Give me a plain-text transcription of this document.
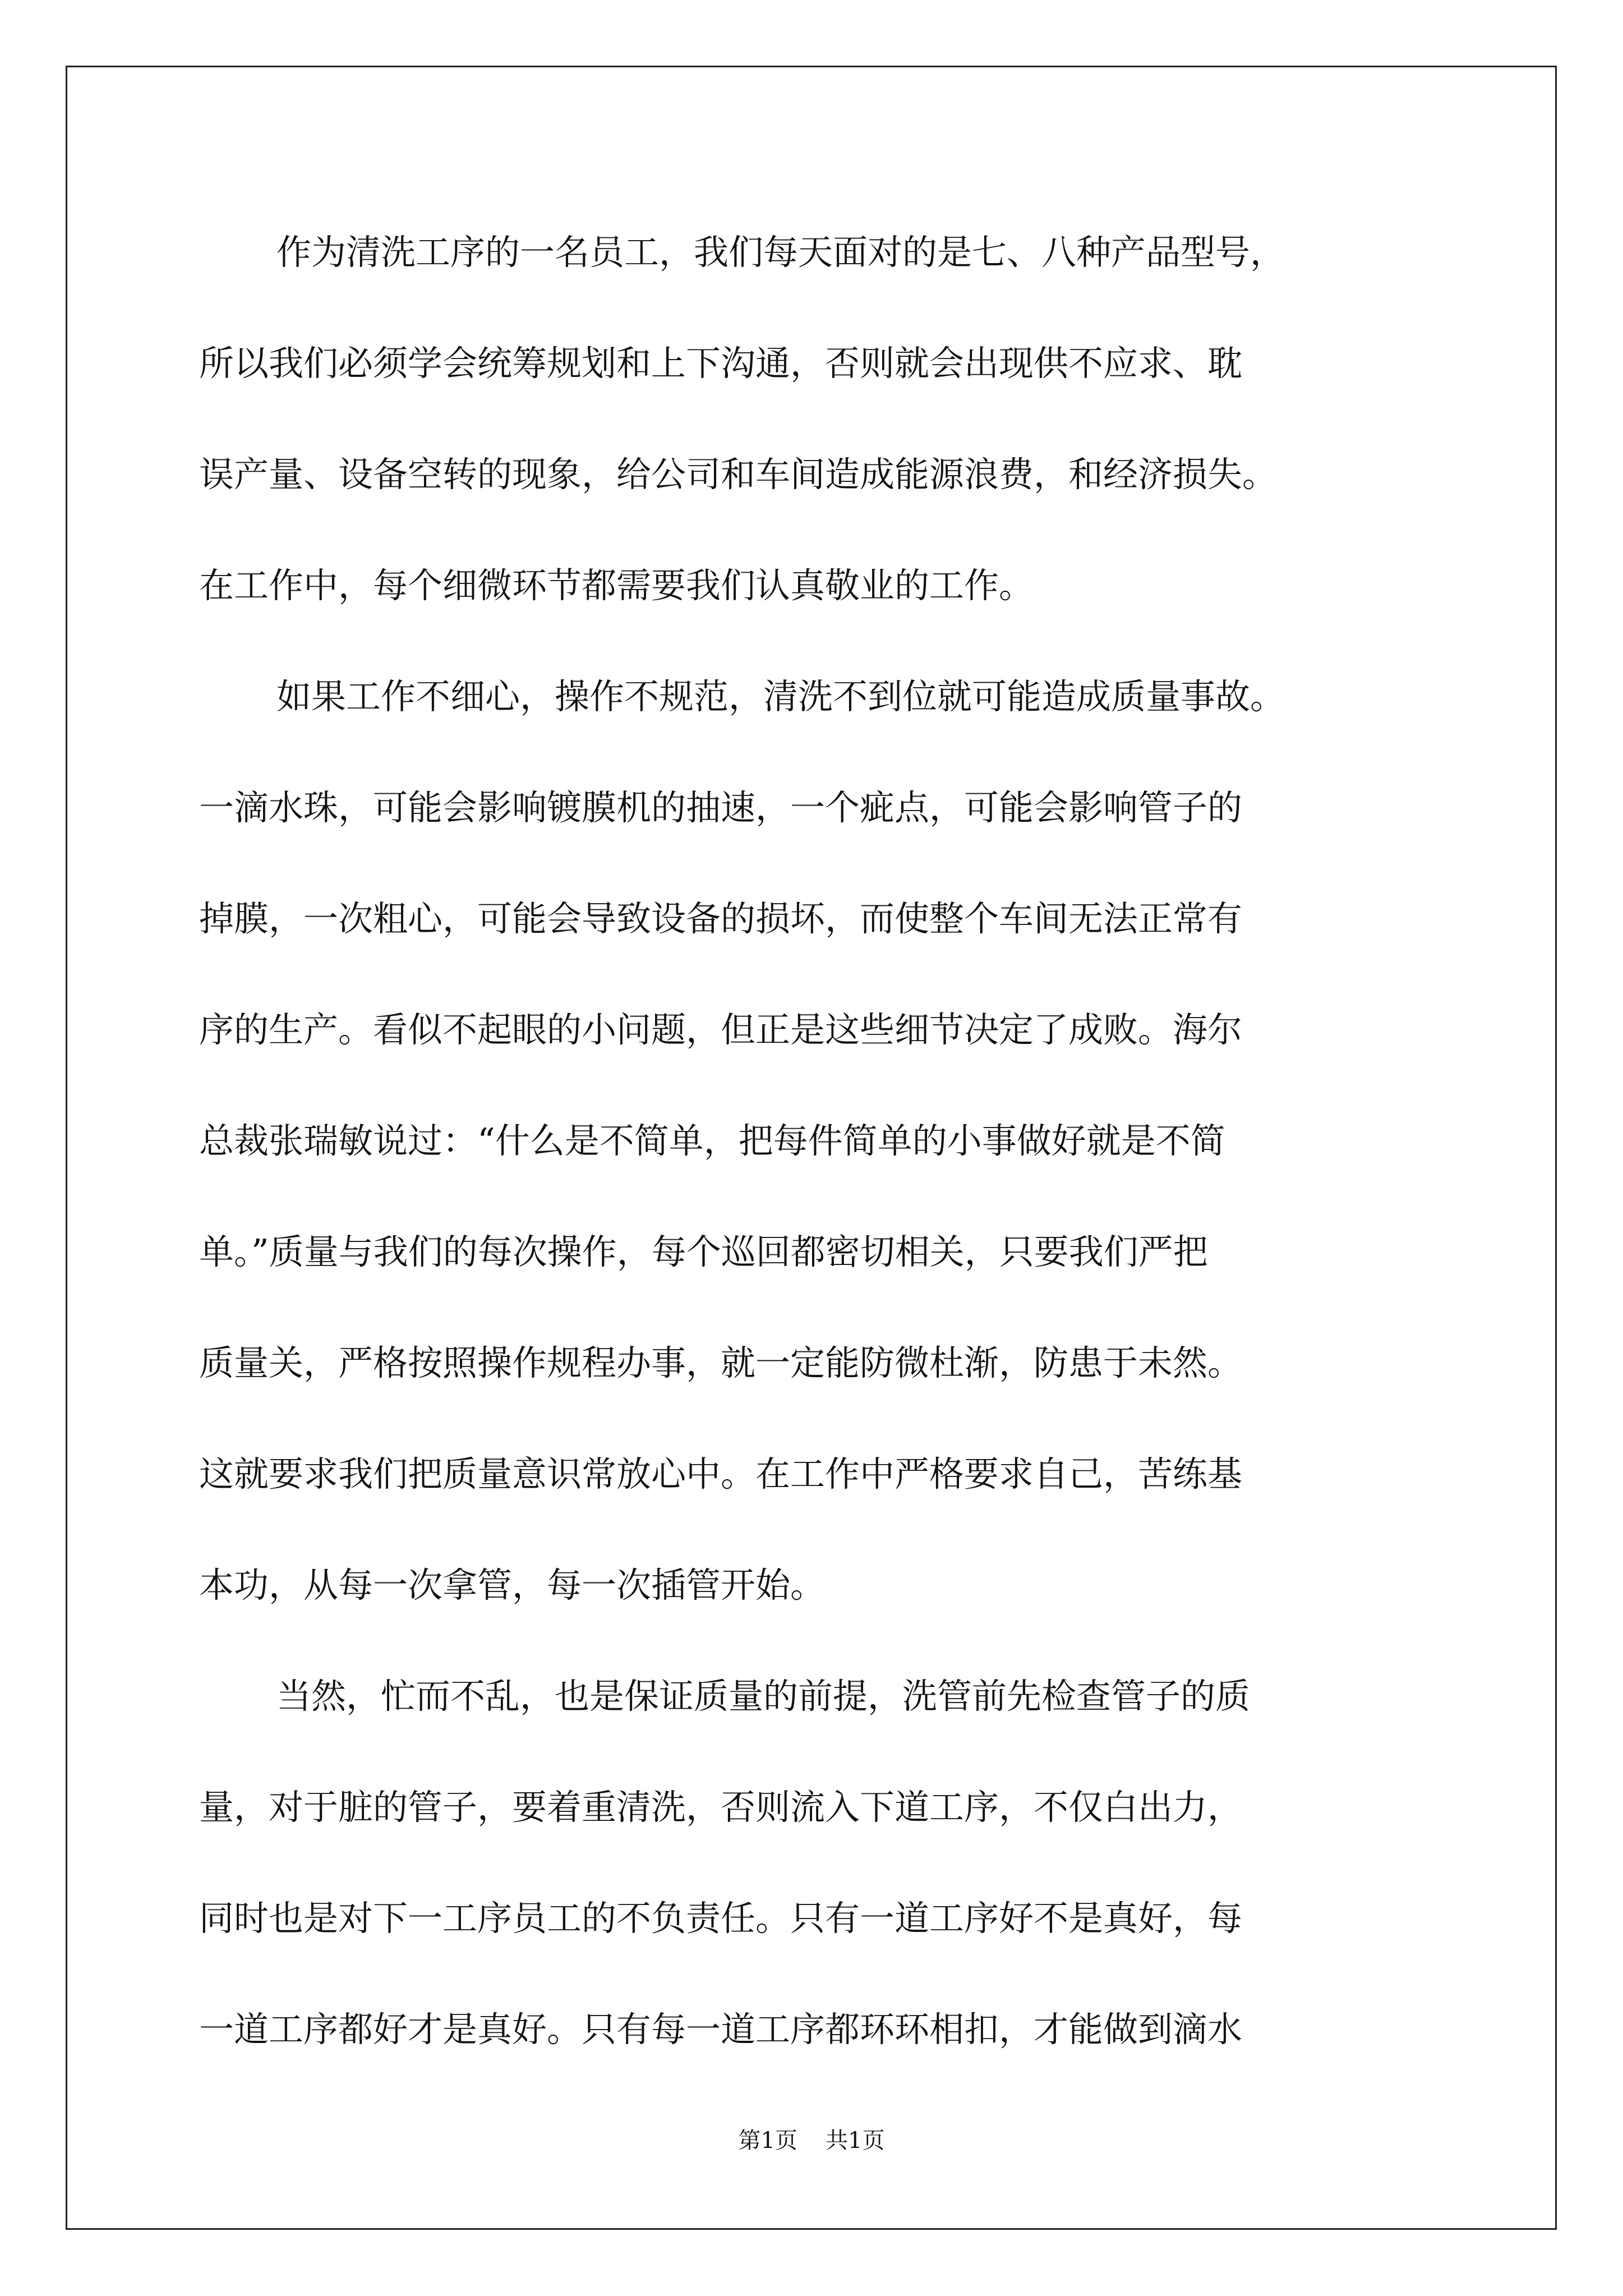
作为清洗工序的一名员工，我们每天面对的是七、八种产品型号，
所以我们必须学会统筹规划和上下沟通，否则就会出现供不应求、耽
误产量、设备空转的现象，给公司和车间造成能源浪费，和经济损失。
在工作中，每个细微环节都需要我们认真敬业的工作。
如果工作不细心，操作不规范，清洗不到位就可能造成质量事故。
一滴水珠，可能会影响镀膜机的抽速，一个疵点，可能会影响管子的
掉膜，一次粗心，可能会导致设备的损坏，而使整个车间无法正常有
序的生产。看似不起眼的小问题，但正是这些细节决定了成败。海尔
总裁张瑞敏说过：“什么是不简单，把每件简单的小事做好就是不简
单。”质量与我们的每次操作，每个巡回都密切相关，只要我们严把
质量关，严格按照操作规程办事，就一定能防微杜渐，防患于未然。
这就要求我们把质量意识常放心中。在工作中严格要求自己，苦练基
本功，从每一次拿管，每一次插管开始。
当然，忙而不乱，也是保证质量的前提，洗管前先检查管子的质
量，对于脏的管子，要着重清洗，否则流入下道工序，不仅白出力，
同时也是对下一工序员工的不负责任。只有一道工序好不是真好，每
一道工序都好才是真好。只有每一道工序都环环相扣，才能做到滴水
第1页 共1页
